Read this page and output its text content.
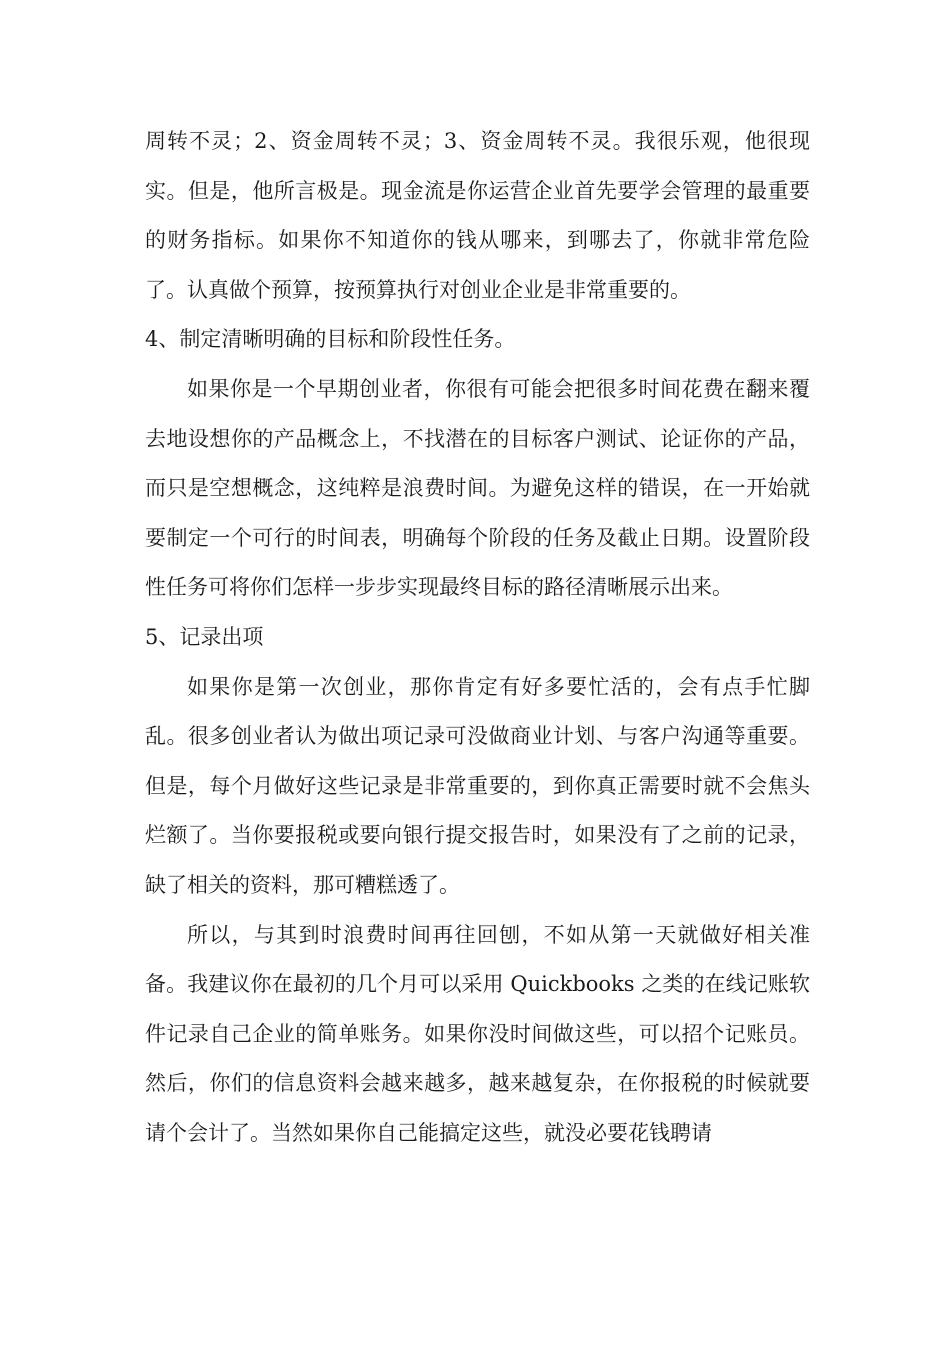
周转不灵；2、资金周转不灵；3、资金周转不灵。我很乐观，他很现实。但是，他所言极是。现金流是你运营企业首先要学会管理的最重要的财务指标。如果你不知道你的钱从哪来，到哪去了，你就非常危险了。认真做个预算，按预算执行对创业企业是非常重要的。

4、制定清晰明确的目标和阶段性任务。

如果你是一个早期创业者，你很有可能会把很多时间花费在翻来覆去地设想你的产品概念上，不找潜在的目标客户测试、论证你的产品，而只是空想概念，这纯粹是浪费时间。为避免这样的错误，在一开始就要制定一个可行的时间表，明确每个阶段的任务及截止日期。设置阶段性任务可将你们怎样一步步实现最终目标的路径清晰展示出来。

5、记录出项

如果你是第一次创业，那你肯定有好多要忙活的，会有点手忙脚乱。很多创业者认为做出项记录可没做商业计划、与客户沟通等重要。但是，每个月做好这些记录是非常重要的，到你真正需要时就不会焦头烂额了。当你要报税或要向银行提交报告时，如果没有了之前的记录，缺了相关的资料，那可糟糕透了。

所以，与其到时浪费时间再往回刨，不如从第一天就做好相关准备。我建议你在最初的几个月可以采用 Quickbooks 之类的在线记账软件记录自己企业的简单账务。如果你没时间做这些，可以招个记账员。然后，你们的信息资料会越来越多，越来越复杂，在你报税的时候就要请个会计了。当然如果你自己能搞定这些，就没必要花钱聘请
